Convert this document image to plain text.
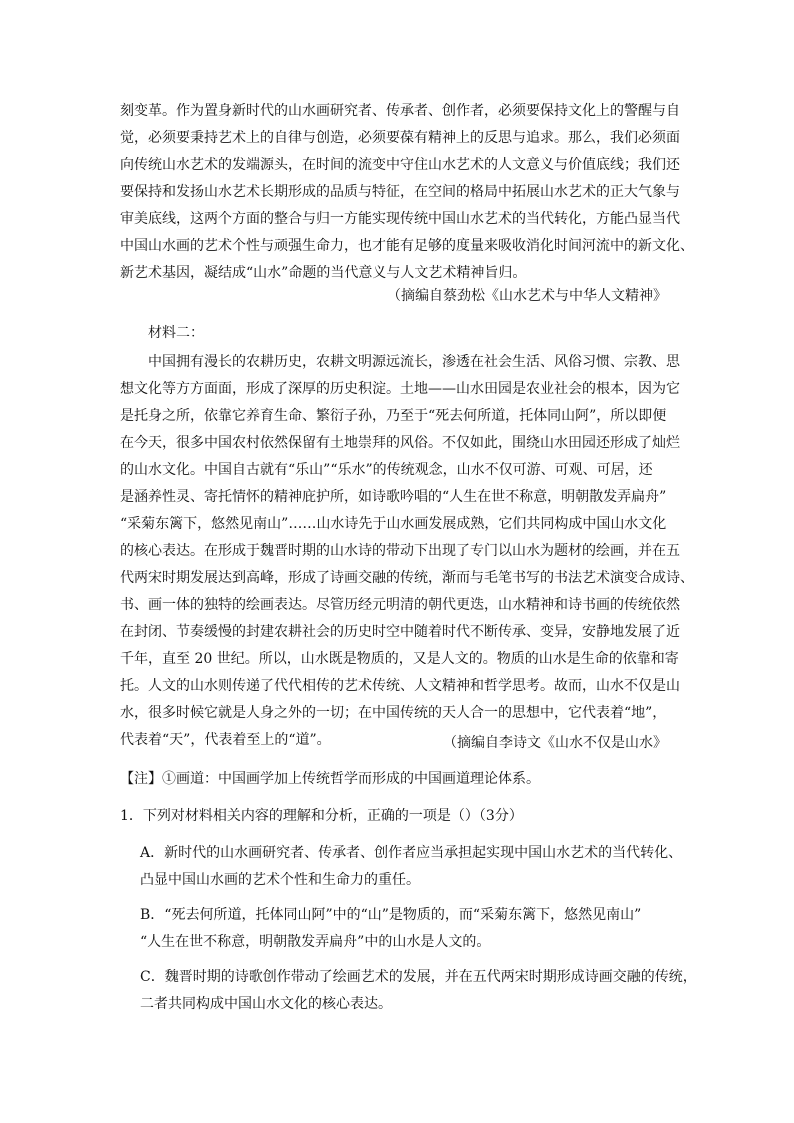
刻变革。作为置身新时代的山水画研究者、传承者、创作者，必须要保持文化上的警醒与自
觉，必须要秉持艺术上的自律与创造，必须要葆有精神上的反思与追求。那么，我们必须面
向传统山水艺术的发端源头，在时间的流变中守住山水艺术的人文意义与价值底线；我们还
要保持和发扬山水艺术长期形成的品质与特征，在空间的格局中拓展山水艺术的正大气象与
审美底线，这两个方面的整合与归一方能实现传统中国山水艺术的当代转化，方能凸显当代
中国山水画的艺术个性与顽强生命力，也才能有足够的度量来吸收消化时间河流中的新文化、
新艺术基因，凝结成“山水”命题的当代意义与人文艺术精神旨归。
（摘编自蔡劲松《山水艺术与中华人文精神》
材料二：
中国拥有漫长的农耕历史，农耕文明源远流长，渗透在社会生活、风俗习惯、宗教、思
想文化等方方面面，形成了深厚的历史积淀。土地——山水田园是农业社会的根本，因为它
是托身之所，依靠它养育生命、繁衍子孙，乃至于“死去何所道，托体同山阿”，所以即便
在今天，很多中国农村依然保留有土地崇拜的风俗。不仅如此，围绕山水田园还形成了灿烂
的山水文化。中国自古就有“乐山”“乐水”的传统观念，山水不仅可游、可观、可居，还
是涵养性灵、寄托情怀的精神庇护所，如诗歌吟唱的“人生在世不称意，明朝散发弄扁舟”
“采菊东篱下，悠然见南山”……山水诗先于山水画发展成熟，它们共同构成中国山水文化
的核心表达。在形成于魏晋时期的山水诗的带动下出现了专门以山水为题材的绘画，并在五
代两宋时期发展达到高峰，形成了诗画交融的传统，渐而与毛笔书写的书法艺术演变合成诗、
书、画一体的独特的绘画表达。尽管历经元明清的朝代更迭，山水精神和诗书画的传统依然
在封闭、节奏缓慢的封建农耕社会的历史时空中随着时代不断传承、变异，安静地发展了近
千年，直至 20 世纪。所以，山水既是物质的，又是人文的。物质的山水是生命的依靠和寄
托。人文的山水则传递了代代相传的艺术传统、人文精神和哲学思考。故而，山水不仅是山
水，很多时候它就是人身之外的一切；在中国传统的天人合一的思想中，它代表着“地”，
代表着“天”，代表着至上的“道”。	（摘编自李诗文《山水不仅是山水》
【注】①画道：中国画学加上传统哲学而形成的中国画道理论体系。
1．下列对材料相关内容的理解和分析，正确的一项是（）（3分）
A．新时代的山水画研究者、传承者、创作者应当承担起实现中国山水艺术的当代转化、
凸显中国山水画的艺术个性和生命力的重任。
B．“死去何所道，托体同山阿”中的“山”是物质的，而“采菊东篱下，悠然见南山”
“人生在世不称意，明朝散发弄扁舟”中的山水是人文的。
C．魏晋时期的诗歌创作带动了绘画艺术的发展，并在五代两宋时期形成诗画交融的传统，
二者共同构成中国山水文化的核心表达。
